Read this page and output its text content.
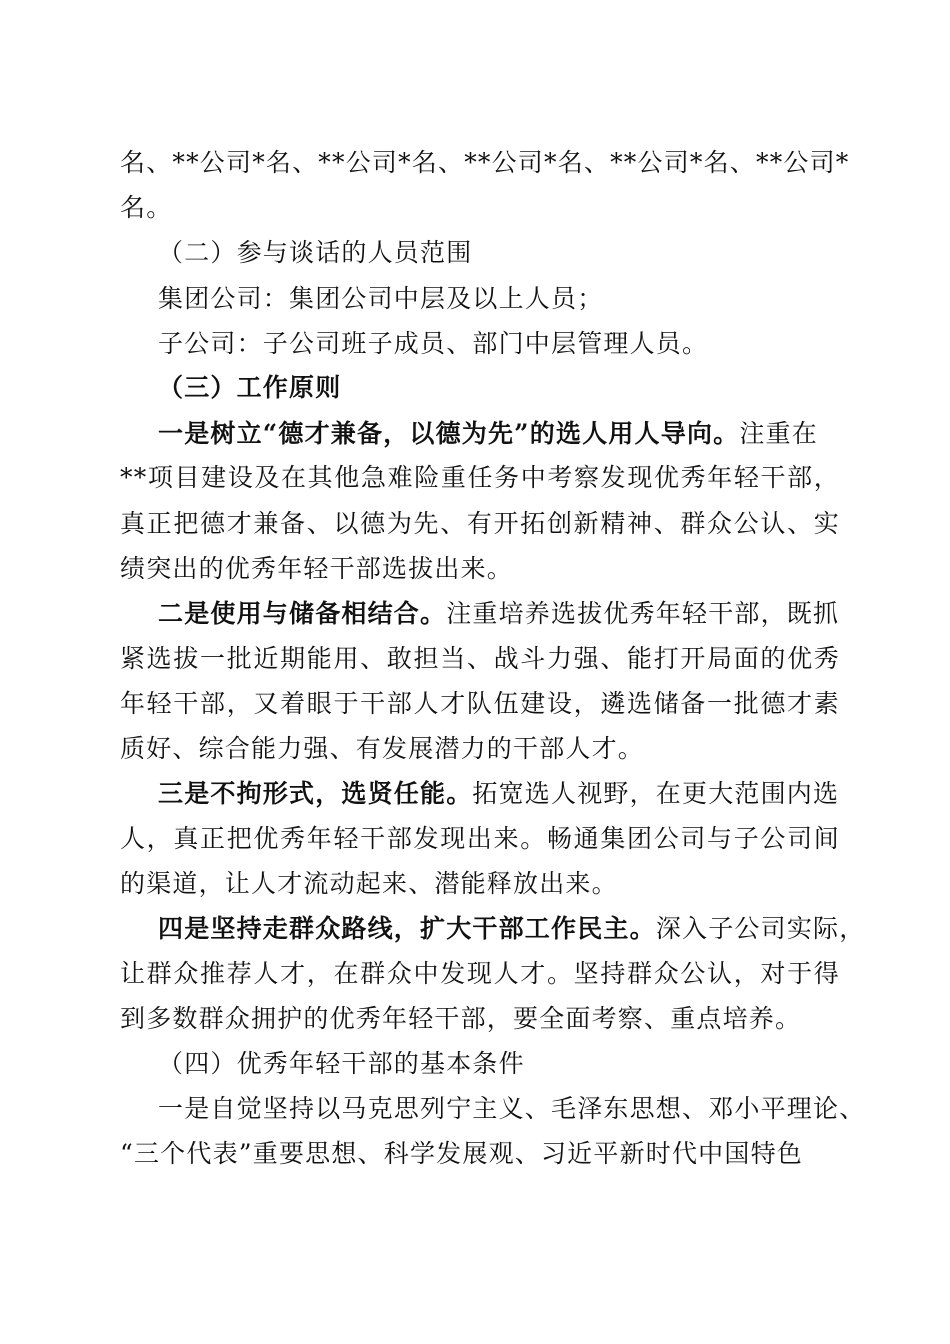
名、**公司*名、**公司*名、**公司*名、**公司*名、**公司*
名。
（二）参与谈话的人员范围
集团公司：集团公司中层及以上人员；
子公司：子公司班子成员、部门中层管理人员。
（三）工作原则
一是树立“德才兼备，以德为先”的选人用人导向。注重在
**项目建设及在其他急难险重任务中考察发现优秀年轻干部，
真正把德才兼备、以德为先、有开拓创新精神、群众公认、实
绩突出的优秀年轻干部选拔出来。
二是使用与储备相结合。注重培养选拔优秀年轻干部，既抓
紧选拔一批近期能用、敢担当、战斗力强、能打开局面的优秀
年轻干部，又着眼于干部人才队伍建设，遴选储备一批德才素
质好、综合能力强、有发展潜力的干部人才。
三是不拘形式，选贤任能。拓宽选人视野，在更大范围内选
人，真正把优秀年轻干部发现出来。畅通集团公司与子公司间
的渠道，让人才流动起来、潜能释放出来。
四是坚持走群众路线，扩大干部工作民主。深入子公司实际，
让群众推荐人才，在群众中发现人才。坚持群众公认，对于得
到多数群众拥护的优秀年轻干部，要全面考察、重点培养。
（四）优秀年轻干部的基本条件
一是自觉坚持以马克思列宁主义、毛泽东思想、邓小平理论、
“三个代表”重要思想、科学发展观、习近平新时代中国特色
